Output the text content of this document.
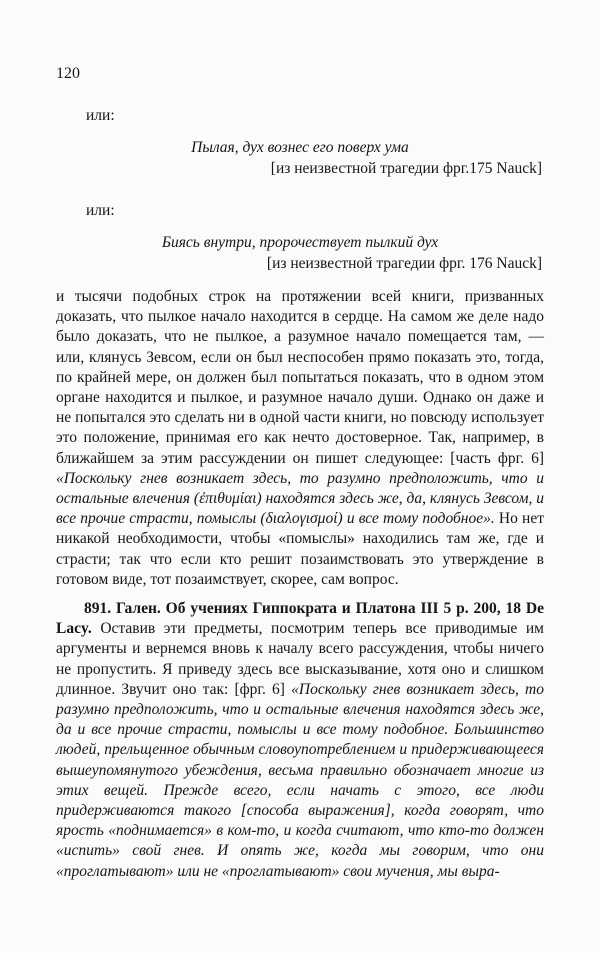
120
или:
Пылая, дух вознес его поверх ума
[из неизвестной трагедии фрг.175 Nauck]
или:
Биясь внутри, пророчествует пылкий дух
[из неизвестной трагедии фрг. 176 Nauck]

и тысячи подобных строк на протяжении всей книги, призванных доказать, что пылкое начало находится в сердце. На самом же деле надо было доказать, что не пылкое, а разумное начало помещается там, — или, клянусь Зевсом, если он был неспособен прямо показать это, тогда, по крайней мере, он должен был попытаться показать, что в одном этом органе находится и пылкое, и разумное начало души. Однако он даже и не попытался это сделать ни в одной части книги, но повсюду использует это положение, принимая его как нечто достоверное. Так, например, в ближайшем за этим рассуждении он пишет следующее: [часть фрг. 6] «Поскольку гнев возникает здесь, то разумно предположить, что и остальные влечения (ἐπιθυμίαι) находятся здесь же, да, клянусь Зевсом, и все прочие страсти, помыслы (διαλογισμοί) и все тому подобное». Но нет никакой необходимости, чтобы «помыслы» находились там же, где и страсти; так что если кто решит позаимствовать это утверждение в готовом виде, тот позаимствует, скорее, сам вопрос.

891. Гален. Об учениях Гиппократа и Платона III 5 p. 200, 18 De Lacy. Оставив эти предметы, посмотрим теперь все приводимые им аргументы и вернемся вновь к началу всего рассуждения, чтобы ничего не пропустить. Я приведу здесь все высказывание, хотя оно и слишком длинное. Звучит оно так: [фрг. 6] «Поскольку гнев возникает здесь, то разумно предположить, что и остальные влечения находятся здесь же, да и все прочие страсти, помыслы и все тому подобное. Большинство людей, прельщенное обычным словоупотреблением и придерживающееся вышеупомянутого убеждения, весьма правильно обозначает многие из этих вещей. Прежде всего, если начать с этого, все люди придерживаются такого [способа выражения], когда говорят, что ярость «поднимается» в ком-то, и когда считают, что кто-то должен «испить» свой гнев. И опять же, когда мы говорим, что они «проглатывают» или не «проглатывают» свои мучения, мы выра-
